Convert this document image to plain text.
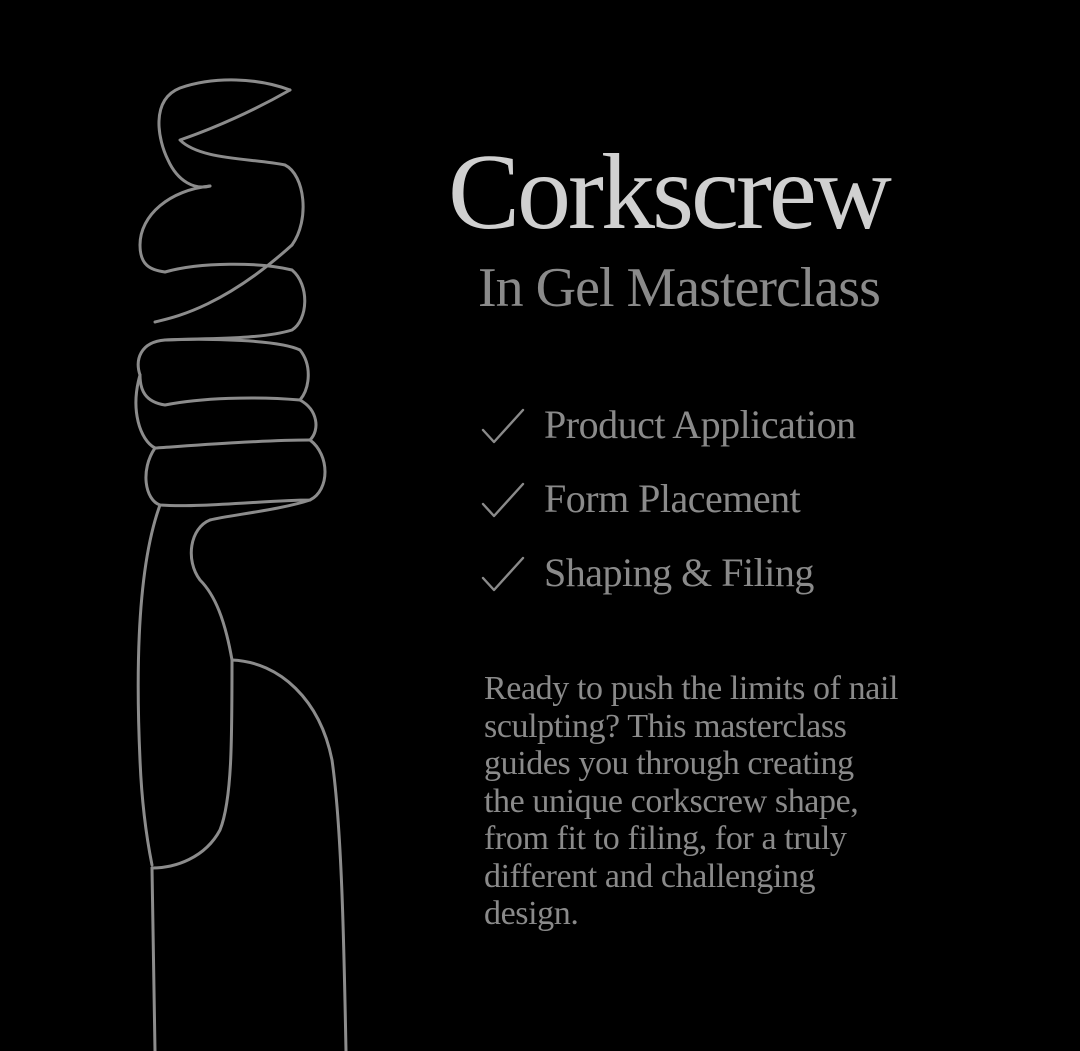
Corkscrew
In Gel Masterclass
Product Application
Form Placement
Shaping & Filing
Ready to push the limits of nail
sculpting? This masterclass
guides you through creating
the unique corkscrew shape,
from fit to filing, for a truly
different and challenging
design.
